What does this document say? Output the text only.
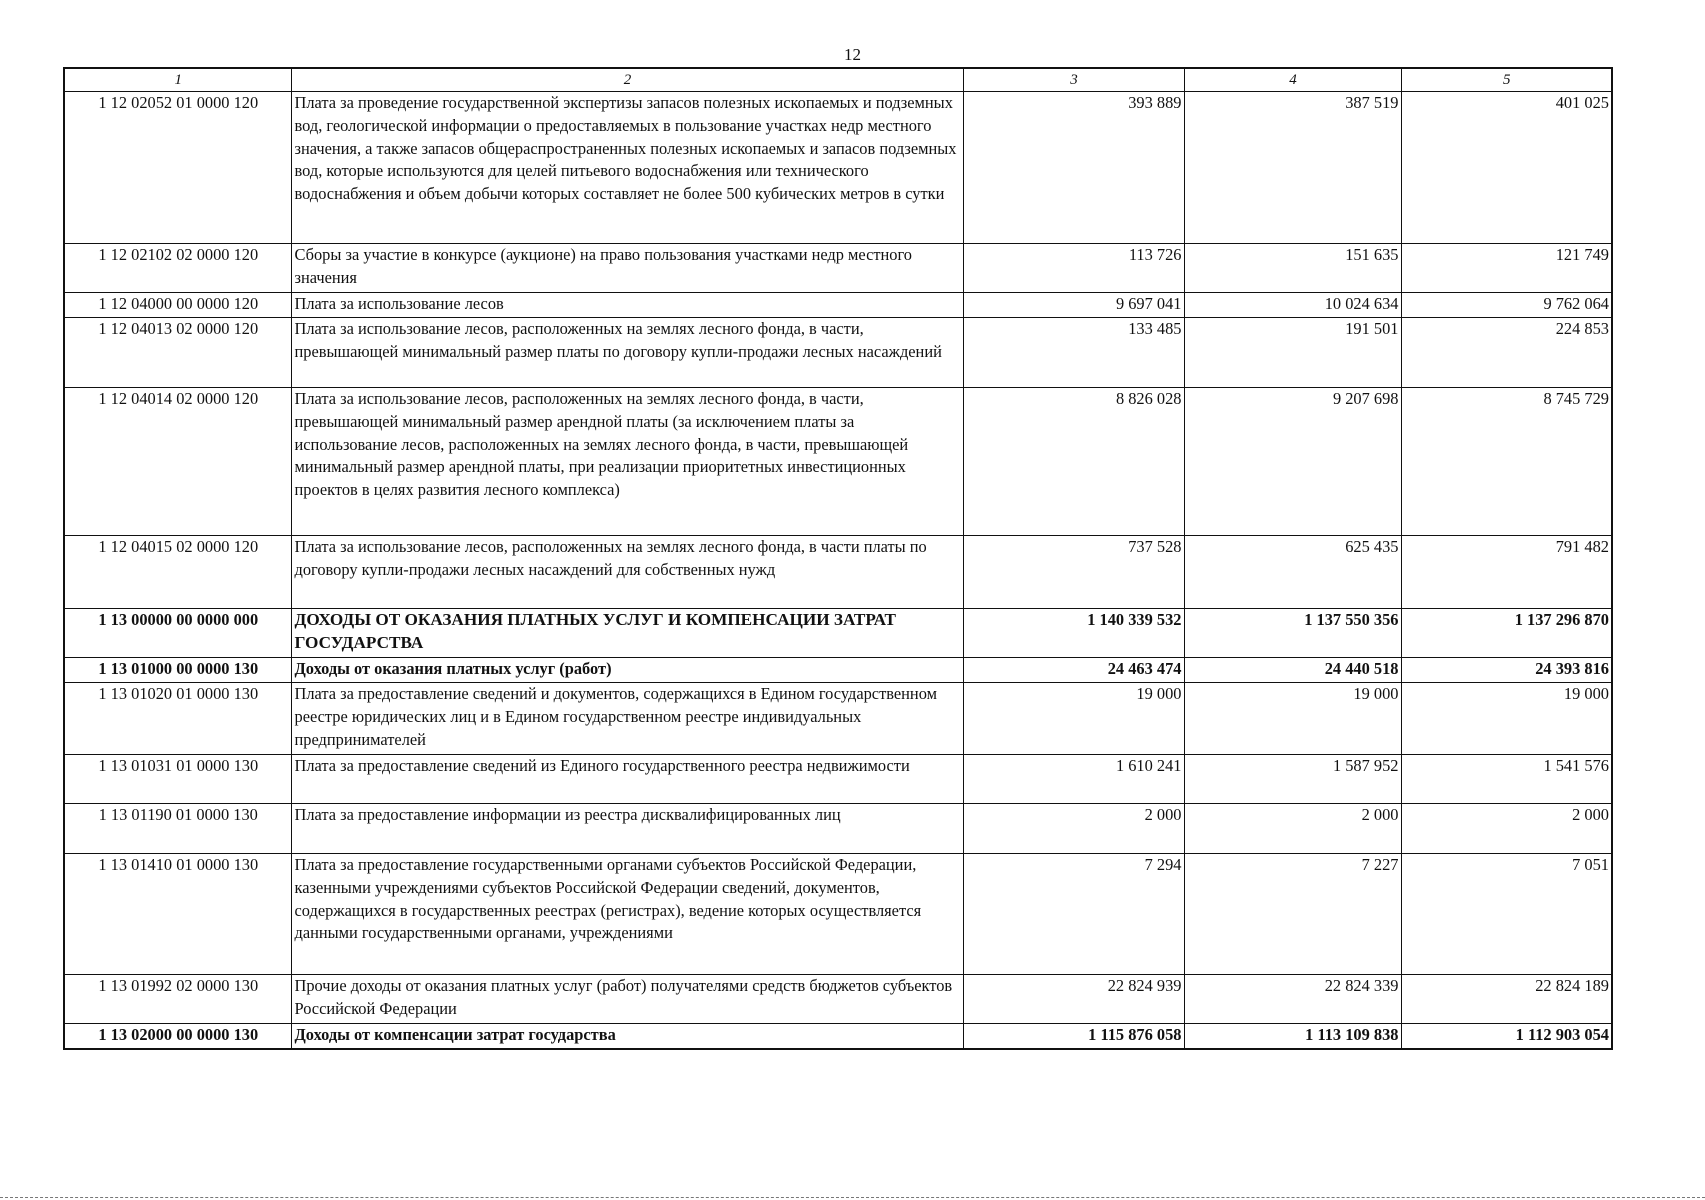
12
1	2	3	4	5
1 12 02052 01 0000 120	Плата за проведение государственной экспертизы запасов полезных ископаемых и подземных вод, геологической информации о предоставляемых в пользование участках недр местного значения, а также запасов общераспространенных полезных ископаемых и запасов подземных вод, которые используются для целей питьевого водоснабжения или технического водоснабжения и объем добычи которых составляет не более 500 кубических метров в сутки	393 889	387 519	401 025
1 12 02102 02 0000 120	Сборы за участие в конкурсе (аукционе) на право пользования участками недр местного значения	113 726	151 635	121 749
1 12 04000 00 0000 120	Плата за использование лесов	9 697 041	10 024 634	9 762 064
1 12 04013 02 0000 120	Плата за использование лесов, расположенных на землях лесного фонда, в части, превышающей минимальный размер платы по договору купли-продажи лесных насаждений	133 485	191 501	224 853
1 12 04014 02 0000 120	Плата за использование лесов, расположенных на землях лесного фонда, в части, превышающей минимальный размер арендной платы (за исключением платы за использование лесов, расположенных на землях лесного фонда, в части, превышающей минимальный размер арендной платы, при реализации приоритетных инвестиционных проектов в целях развития лесного комплекса)	8 826 028	9 207 698	8 745 729
1 12 04015 02 0000 120	Плата за использование лесов, расположенных на землях лесного фонда, в части платы по договору купли-продажи лесных насаждений для собственных нужд	737 528	625 435	791 482
1 13 00000 00 0000 000	ДОХОДЫ ОТ ОКАЗАНИЯ ПЛАТНЫХ УСЛУГ И КОМПЕНСАЦИИ ЗАТРАТ ГОСУДАРСТВА	1 140 339 532	1 137 550 356	1 137 296 870
1 13 01000 00 0000 130	Доходы от оказания платных услуг (работ)	24 463 474	24 440 518	24 393 816
1 13 01020 01 0000 130	Плата за предоставление сведений и документов, содержащихся в Едином государственном реестре юридических лиц и в Едином государственном реестре индивидуальных предпринимателей	19 000	19 000	19 000
1 13 01031 01 0000 130	Плата за предоставление сведений из Единого государственного реестра недвижимости	1 610 241	1 587 952	1 541 576
1 13 01190 01 0000 130	Плата за предоставление информации из реестра дисквалифицированных лиц	2 000	2 000	2 000
1 13 01410 01 0000 130	Плата за предоставление государственными органами субъектов Российской Федерации, казенными учреждениями субъектов Российской Федерации сведений, документов, содержащихся в государственных реестрах (регистрах), ведение которых осуществляется данными государственными органами, учреждениями	7 294	7 227	7 051
1 13 01992 02 0000 130	Прочие доходы от оказания платных услуг (работ) получателями средств бюджетов субъектов Российской Федерации	22 824 939	22 824 339	22 824 189
1 13 02000 00 0000 130	Доходы от компенсации затрат государства	1 115 876 058	1 113 109 838	1 112 903 054
